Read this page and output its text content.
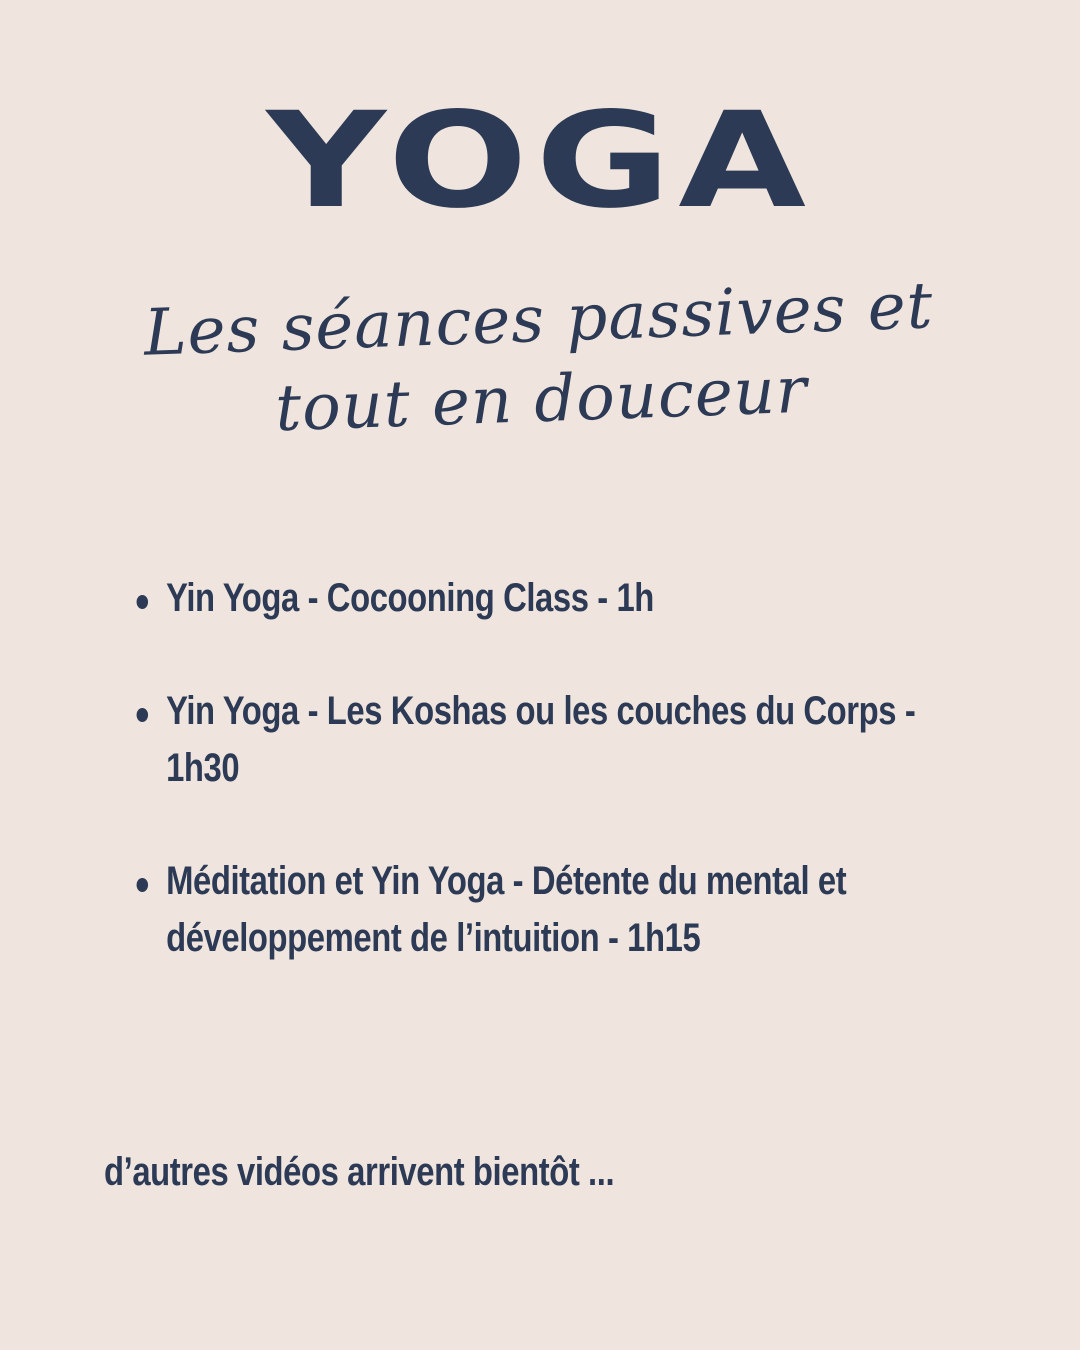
YOGA
Les séances passives et
tout en douceur
Yin Yoga - Cocooning Class - 1h
Yin Yoga - Les Koshas ou les couches du Corps - 1h30
Méditation et Yin Yoga - Détente du mental et développement de l’intuition - 1h15
d’autres vidéos arrivent bientôt ...
